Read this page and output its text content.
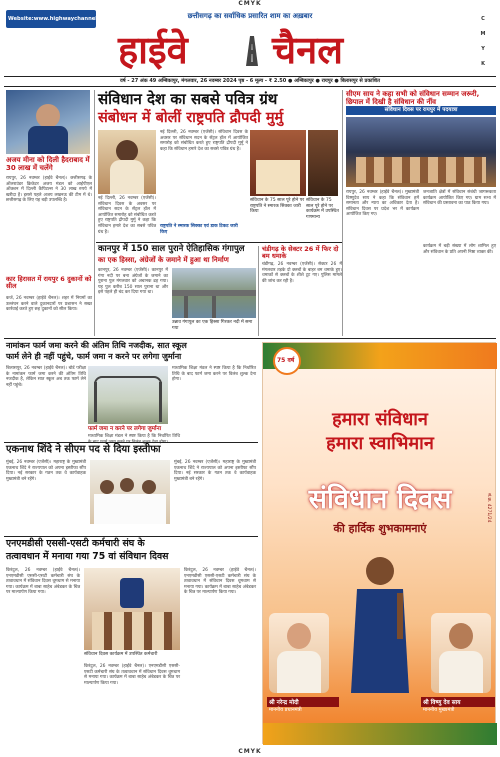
CMYK
CMYK
Website:www.highwaychannel.in	छत्तीसगढ़ का सर्वाधिक प्रसारित शाम का अख़बार	C
M
Y
K
हाईवे चैनल
वर्ष - 27 अंक 49 अम्बिकापुर, मंगलवार, 26 नवम्बर 2024 पृष्ठ - 6 मूल्य - ₹ 2.50 ● अम्बिकापुर ● रायपुर ● बिलासपुर से प्रकाशित
अजय मीना को दिली हैदराबाद में 30 लाख में चलेंगे
रायपुर, 26 नवम्बर (हाईवे चैनल)। छत्तीसगढ़ के ऑलराउंडर क्रिकेटर अजय मंडल को आईपीएल ऑक्शन में दिल्ली कैपिटल्स ने 30 लाख रुपये में खरीदा है। इससे पहले अजय लखनऊ की टीम में थे। छत्तीसगढ़ के लिए यह बड़ी उपलब्धि है।
कार हिरासत में रायपुर 6 दुकानों को सील
कर्ज, 26 नवम्बर (हाईवे चैनल)। शहर में नियमों का उल्लंघन करने वाले दुकानदारों पर प्रशासन ने सख्त कार्रवाई करते हुए छह दुकानों को सील किया।
संविधान देश का सबसे पवित्र ग्रंथ
संबोधन में बोलीं राष्ट्रपति द्रौपदी मुर्मु
नई दिल्ली, 26 नवम्बर (एजेंसी)। संविधान दिवस के अवसर पर संविधान सदन के सेंट्रल हॉल में आयोजित समारोह को संबोधित करते हुए राष्ट्रपति द्रौपदी मुर्मु ने कहा कि संविधान हमारे देश का सबसे पवित्र ग्रंथ है।
राष्ट्रपति ने स्मारक सिक्का एवं डाक टिकट जारी किए
संविधान के 75 साल पूरे होने पर राष्ट्रपति ने स्मारक सिक्का जारी किया
संविधान के 75 साल पूरे होने पर कार्यक्रम में उपस्थित गणमान्य
नई दिल्ली, 26 नवम्बर (एजेंसी)। संविधान दिवस के अवसर पर संविधान सदन के सेंट्रल हॉल में आयोजित समारोह को संबोधित करते हुए राष्ट्रपति द्रौपदी मुर्मु ने कहा कि संविधान हमारे देश का सबसे पवित्र ग्रंथ है।
सीएम साय ने कहा सभी को संविधान सम्मान जरूरी, छिपाल में दिखी है संविधान की नींव
संविधान दिवस पर रायपुर में पदयात्रा
रायपुर, 26 नवम्बर (हाईवे चैनल)। मुख्यमंत्री विष्णुदेव साय ने कहा कि संविधान हमें समानता और न्याय का अधिकार देता है। संविधान दिवस पर प्रदेश भर में कार्यक्रम आयोजित किए गए।
जनजाति क्षेत्रों में संविधान संबंधी जागरूकता कार्यक्रम आयोजित किए गए। ग्राम सभा में संविधान की प्रस्तावना का पाठ किया गया।
कार्यक्रम में बड़ी संख्या में लोग शामिल हुए और संविधान के प्रति अपनी निष्ठा व्यक्त की।
कानपुर में 150 साल पुराने ऐतिहासिक गंगापुल
का एक हिस्सा, अंग्रेजों के जमाने में हुआ था निर्माण
कानपुर, 26 नवम्बर (एजेंसी)। कानपुर में गंगा नदी पर बना अंग्रेजों के जमाने का पुराना पुल मंगलवार को अचानक ढह गया। यह पुल करीब 150 साल पुराना था और इसे पहले ही बंद कर दिया गया था।
उन्नाव गंगापुल का एक हिस्सा गिरकर नदी में समा गया
चंडीगढ़ के सेक्टर 26 में फिर दो बम धमाके
चंडीगढ़, 26 नवम्बर (एजेंसी)। सेक्टर 26 में मंगलवार तड़के दो क्लबों के बाहर बम धमाके हुए। धमाकों से क्लबों के शीशे टूट गए। पुलिस मामले की जांच कर रही है।
नामांकन फार्म जमा करने की अंतिम तिथि नजदीक, सात स्कूल
फार्म लेने ही नहीं पहुंचे, फार्म जमा न करने पर लगेगा जुर्माना
बिलासपुर, 26 नवम्बर (हाईवे चैनल)। बोर्ड परीक्षा के नामांकन फार्म जमा करने की अंतिम तिथि नजदीक है, लेकिन सात स्कूल अब तक फार्म लेने नहीं पहुंचे।
फार्म जमा न करने पर लगेगा जुर्माना
माध्यमिक शिक्षा मंडल ने स्पष्ट किया है कि निर्धारित तिथि
माध्यमिक शिक्षा मंडल ने स्पष्ट किया है कि निर्धारित तिथि के बाद फार्म जमा करने पर विलंब शुल्क देना होगा।
एकनाथ शिंदे ने सीएम पद से दिया इस्तीफा
मुंबई, 26 नवम्बर (एजेंसी)। महाराष्ट्र के मुख्यमंत्री एकनाथ शिंदे ने राज्यपाल को अपना इस्तीफा सौंप दिया। नई सरकार के गठन तक वे कार्यवाहक मुख्यमंत्री बने रहेंगे।
मुंबई, 26 नवम्बर (एजेंसी)। महाराष्ट्र के मुख्यमंत्री एकनाथ शिंदे ने राज्यपाल को अपना इस्तीफा सौंप दिया। नई सरकार के गठन तक वे कार्यवाहक मुख्यमंत्री बने रहेंगे।
एनएमडीसी एससी-एसटी कर्मचारी संघ के
तत्वावधान में मनाया गया 75 वां संविधान दिवस
किरंदुल, 26 नवम्बर (हाईवे चैनल)। एनएमडीसी एससी-एसटी कर्मचारी संघ के तत्वावधान में संविधान दिवस धूमधाम से मनाया गया। कार्यक्रम में बाबा साहेब अंबेडकर के चित्र पर माल्यार्पण किया गया।
संविधान दिवस कार्यक्रम में उपस्थित कर्मचारी
किरंदुल, 26 नवम्बर (हाईवे चैनल)। एनएमडीसी एससी-एसटी कर्मचारी संघ के तत्वावधान में संविधान दिवस धूमधाम से मनाया गया। कार्यक्रम में बाबा साहेब अंबेडकर के चित्र पर माल्यार्पण किया गया।
किरंदुल, 26 नवम्बर (हाईवे चैनल)। एनएमडीसी एससी-एसटी कर्मचारी संघ के तत्वावधान में संविधान दिवस धूमधाम से मनाया गया। कार्यक्रम में बाबा साहेब अंबेडकर के चित्र पर माल्यार्पण किया गया।
75 वर्ष
हमारा संविधान
हमारा स्वाभिमान
संविधान दिवस
की हार्दिक शुभकामनाएं
श्री नरेन्द्र मोदी
माननीय प्रधानमंत्री
श्री विष्णु देव साय
माननीय मुख्यमंत्री
सं.क्र. 4271/24
